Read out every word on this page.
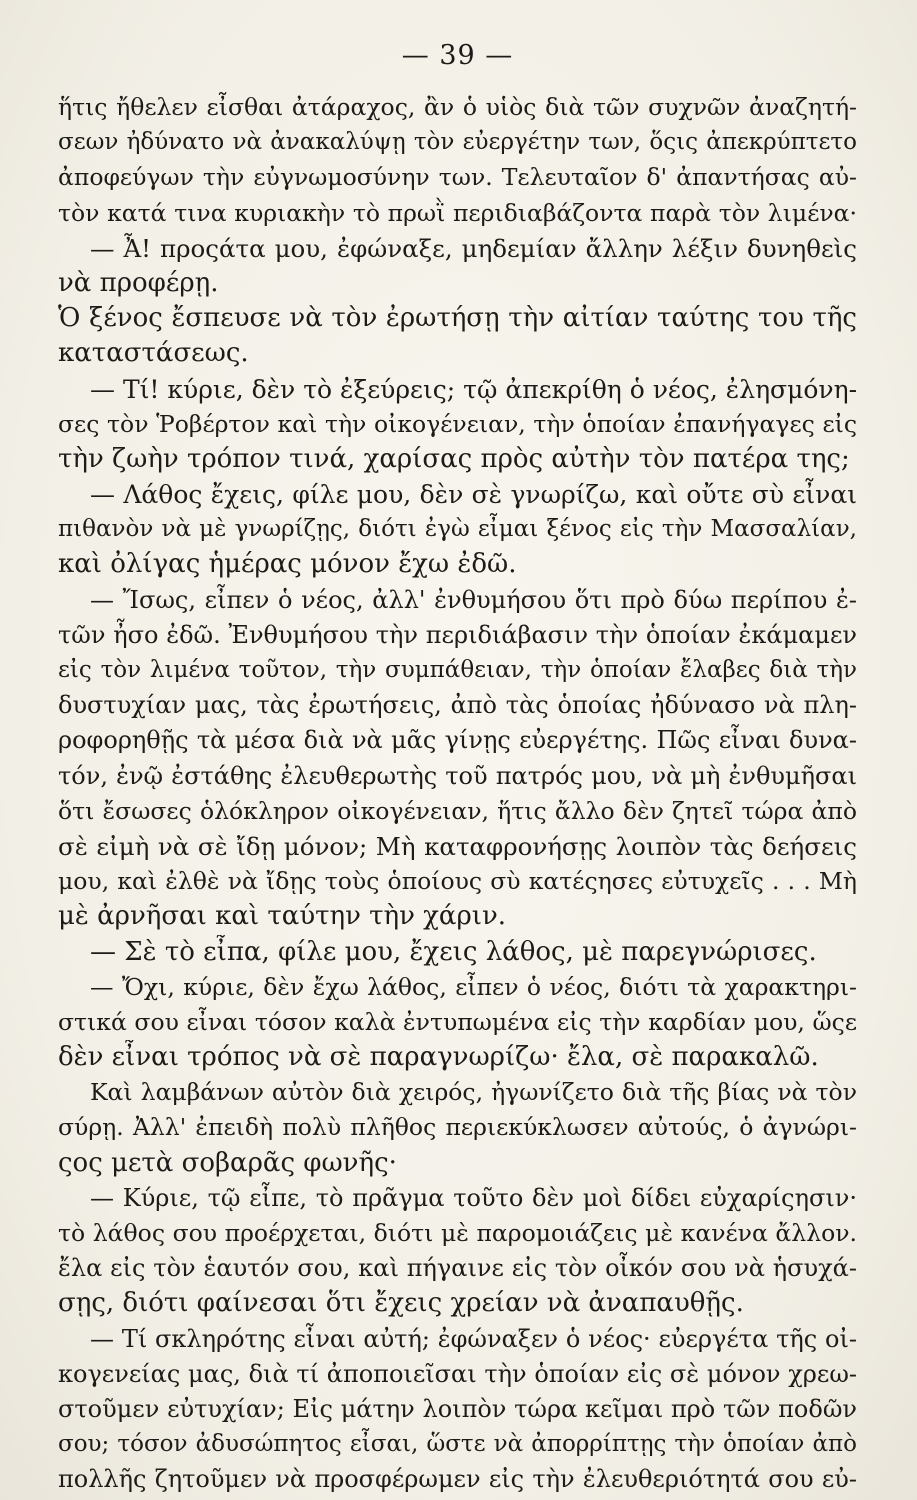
— 39 —
ἥτις ἤθελεν εἶσθαι ἀτάραχος, ἂν ὁ υἱὸς διὰ τῶν συχνῶν ἀναζητή-
σεων ἠδύνατο νὰ ἀνακαλύψῃ τὸν εὐεργέτην των, ὅςις ἀπεκρύπτετο
ἀποφεύγων τὴν εὐγνωμοσύνην των. Τελευταῖον δ' ἀπαντήσας αὐ-
τὸν κατά τινα κυριακὴν τὸ πρωῒ περιδιαβάζοντα παρὰ τὸν λιμένα·
— Ἆ! προςάτα μου, ἐφώναξε, μηδεμίαν ἄλλην λέξιν δυνηθεὶς
νὰ προφέρῃ.
Ὁ ξένος ἔσπευσε νὰ τὸν ἐρωτήσῃ τὴν αἰτίαν ταύτης του τῆς
καταστάσεως.
— Τί! κύριε, δὲν τὸ ἐξεύρεις; τῷ ἀπεκρίθη ὁ νέος, ἐλησμόνη-
σες τὸν Ῥοβέρτον καὶ τὴν οἰκογένειαν, τὴν ὁποίαν ἐπανήγαγες εἰς
τὴν ζωὴν τρόπον τινά, χαρίσας πρὸς αὐτὴν τὸν πατέρα της;
— Λάθος ἔχεις, φίλε μου, δὲν σὲ γνωρίζω, καὶ οὔτε σὺ εἶναι
πιθανὸν νὰ μὲ γνωρίζῃς, διότι ἐγὼ εἶμαι ξένος εἰς τὴν Μασσαλίαν,
καὶ ὀλίγας ἡμέρας μόνον ἔχω ἐδῶ.
— Ἴσως, εἶπεν ὁ νέος, ἀλλ' ἐνθυμήσου ὅτι πρὸ δύω περίπου ἐ-
τῶν ἦσο ἐδῶ. Ἐνθυμήσου τὴν περιδιάβασιν τὴν ὁποίαν ἐκάμαμεν
εἰς τὸν λιμένα τοῦτον, τὴν συμπάθειαν, τὴν ὁποίαν ἔλαβες διὰ τὴν
δυστυχίαν μας, τὰς ἐρωτήσεις, ἀπὸ τὰς ὁποίας ἠδύνασο νὰ πλη-
ροφορηθῇς τὰ μέσα διὰ νὰ μᾶς γίνῃς εὐεργέτης. Πῶς εἶναι δυνα-
τόν, ἐνῷ ἐστάθης ἐλευθερωτὴς τοῦ πατρός μου, νὰ μὴ ἐνθυμῆσαι
ὅτι ἔσωσες ὁλόκληρον οἰκογένειαν, ἥτις ἄλλο δὲν ζητεῖ τώρα ἀπὸ
σὲ εἰμὴ νὰ σὲ ἴδῃ μόνον; Μὴ καταφρονήσῃς λοιπὸν τὰς δεήσεις
μου, καὶ ἐλθὲ νὰ ἴδῃς τοὺς ὁποίους σὺ κατέςησες εὐτυχεῖς . . . Μὴ
μὲ ἀρνῆσαι καὶ ταύτην τὴν χάριν.
— Σὲ τὸ εἶπα, φίλε μου, ἔχεις λάθος, μὲ παρεγνώρισες.
— Ὄχι, κύριε, δὲν ἔχω λάθος, εἶπεν ὁ νέος, διότι τὰ χαρακτηρι-
στικά σου εἶναι τόσον καλὰ ἐντυπωμένα εἰς τὴν καρδίαν μου, ὥςε
δὲν εἶναι τρόπος νὰ σὲ παραγνωρίζω· ἔλα, σὲ παρακαλῶ.
Καὶ λαμβάνων αὐτὸν διὰ χειρός, ἠγωνίζετο διὰ τῆς βίας νὰ τὸν
σύρῃ. Ἀλλ' ἐπειδὴ πολὺ πλῆθος περιεκύκλωσεν αὐτούς, ὁ ἀγνώρι-
ςος μετὰ σοβαρᾶς φωνῆς·
— Κύριε, τῷ εἶπε, τὸ πρᾶγμα τοῦτο δὲν μοὶ δίδει εὐχαρίςησιν·
τὸ λάθος σου προέρχεται, διότι μὲ παρομοιάζεις μὲ κανένα ἄλλον.
ἔλα εἰς τὸν ἑαυτόν σου, καὶ πήγαινε εἰς τὸν οἶκόν σου νὰ ἡσυχά-
σῃς, διότι φαίνεσαι ὅτι ἔχεις χρείαν νὰ ἀναπαυθῇς.
— Τί σκληρότης εἶναι αὐτή; ἐφώναξεν ὁ νέος· εὐεργέτα τῆς οἰ-
κογενείας μας, διὰ τί ἀποποιεῖσαι τὴν ὁποίαν εἰς σὲ μόνον χρεω-
στοῦμεν εὐτυχίαν; Εἰς μάτην λοιπὸν τώρα κεῖμαι πρὸ τῶν ποδῶν
σου; τόσον ἀδυσώπητος εἶσαι, ὥστε νὰ ἀπορρίπτῃς τὴν ὁποίαν ἀπὸ
πολλῆς ζητοῦμεν νὰ προσφέρωμεν εἰς τὴν ἐλευθεριότητά σου εὐ-
